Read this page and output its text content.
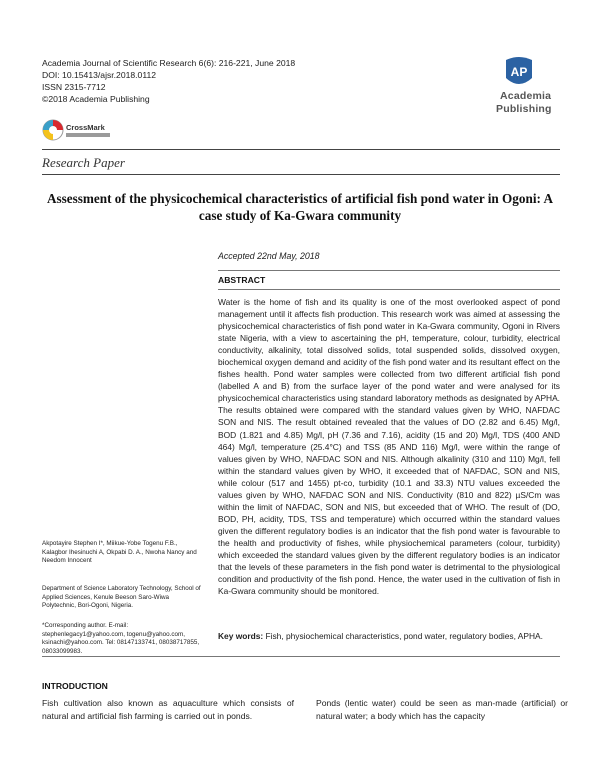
Academia Journal of Scientific Research 6(6): 216-221, June 2018
DOI: 10.15413/ajsr.2018.0112
ISSN 2315-7712
©2018 Academia Publishing
AP
Academia
Publishing
CrossMark
Research Paper
Assessment of the physicochemical characteristics of artificial fish pond water in Ogoni: A case study of Ka-Gwara community
Accepted 22nd May, 2018
ABSTRACT

Water is the home of fish and its quality is one of the most overlooked aspect of pond management until it affects fish production. This research work was aimed at assessing the physicochemical characteristics of fish pond water in Ka-Gwara community, Ogoni in Rivers state Nigeria, with a view to ascertaining the pH, temperature, colour, turbidity, electrical conductivity, alkalinity, total dissolved solids, total suspended solids, dissolved oxygen, biochemical oxygen demand and acidity of the fish pond water and its resultant effect on the fishes health. Pond water samples were collected from two different artificial fish pond (labelled A and B) from the surface layer of the pond water and were analysed for its physicochemical characteristics using standard laboratory methods as designated by APHA. The results obtained were compared with the standard values given by WHO, NAFDAC SON and NIS. The result obtained revealed that the values of DO (2.82 and 6.45) Mg/l, BOD (1.821 and 4.85) Mg/l, pH (7.36 and 7.16), acidity (15 and 20) Mg/l, TDS (400 AND 464) Mg/l, temperature (25.4°C) and TSS (85 AND 116) Mg/l, were within the range of values given by WHO, NAFDAC SON and NIS. Although alkalinity (310 and 110) Mg/l, fell within the standard values given by WHO, it exceeded that of NAFDAC, SON and NIS, while colour (517 and 1455) pt-co, turbidity (10.1 and 33.3) NTU values exceeded the values given by WHO, NAFDAC SON and NIS. Conductivity (810 and 822) µS/Cm was within the limit of NAFDAC, SON and NIS, but exceeded that of WHO. The result of (DO, BOD, PH, acidity, TDS, TSS and temperature) which occurred within the standard values given the different regulatory bodies is an indicator that the fish pond water is favourable to the health and productivity of fishes, while physiochemical parameters (colour, turbidity) which exceeded the standard values given by the different regulatory bodies is an indicator that the levels of these parameters in the fish pond water is detrimental to the physiological condition and productivity of the fish pond. Hence, the water used in the cultivation of fish in Ka-Gwara community should be monitored.

Key words: Fish, physiochemical characteristics, pond water, regulatory bodies, APHA.

Akpotayire Stephen I*, Miikue-Yobe Togenu F.B., Kalagbor Ihesinuchi A, Okpabi D. A., Nwoha Nancy and Needom Innocent

Department of Science Laboratory Technology, School of Applied Sciences, Kenule Beeson Saro-Wiwa Polytechnic, Bori-Ogoni, Nigeria.

*Corresponding author. E-mail: stephenlegacy1@yahoo.com, togenu@yahoo.com, ksinachi@yahoo.com. Tel: 08147133741, 08038717855, 08033099983.

INTRODUCTION

Fish cultivation also known as aquaculture which consists of natural and artificial fish farming is carried out in ponds.

Ponds (lentic water) could be seen as man-made (artificial) or natural water; a body which has the capacity
